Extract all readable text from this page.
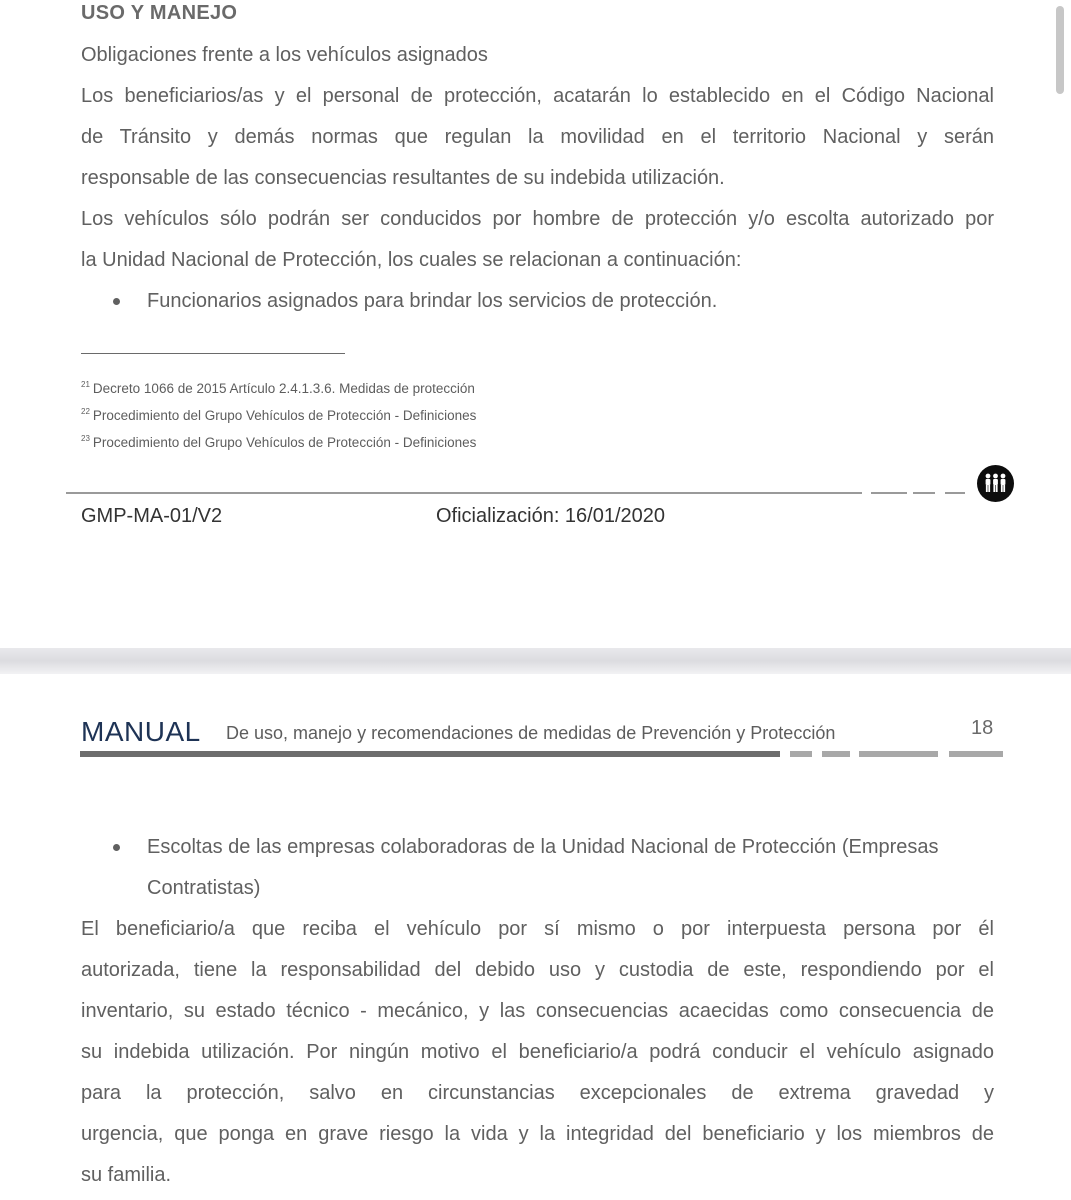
USO Y MANEJO
Obligaciones frente a los vehículos asignados
Los beneficiarios/as y el personal de protección, acatarán lo establecido en el Código Nacional
de Tránsito y demás normas que regulan la movilidad en el territorio Nacional y serán
responsable de las consecuencias resultantes de su indebida utilización.
Los vehículos sólo podrán ser conducidos por hombre de protección y/o escolta autorizado por
la Unidad Nacional de Protección, los cuales se relacionan a continuación:
Funcionarios asignados para brindar los servicios de protección.
$^{21}$ Decreto 1066 de 2015 Artículo 2.4.1.3.6. Medidas de protección
$^{22}$ Procedimiento del Grupo Vehículos de Protección - Definiciones
$^{23}$ Procedimiento del Grupo Vehículos de Protección - Definiciones
GMP-MA-01/V2	Oficialización: 16/01/2020
MANUAL De uso, manejo y recomendaciones de medidas de Prevención y Protección	18
Escoltas de las empresas colaboradoras de la Unidad Nacional de Protección (Empresas
Contratistas)
El beneficiario/a que reciba el vehículo por sí mismo o por interpuesta persona por él
autorizada, tiene la responsabilidad del debido uso y custodia de este, respondiendo por el
inventario, su estado técnico - mecánico, y las consecuencias acaecidas como consecuencia de
su indebida utilización. Por ningún motivo el beneficiario/a podrá conducir el vehículo asignado
para la protección, salvo en circunstancias excepcionales de extrema gravedad y
urgencia, que ponga en grave riesgo la vida y la integridad del beneficiario y los miembros de
su familia.
